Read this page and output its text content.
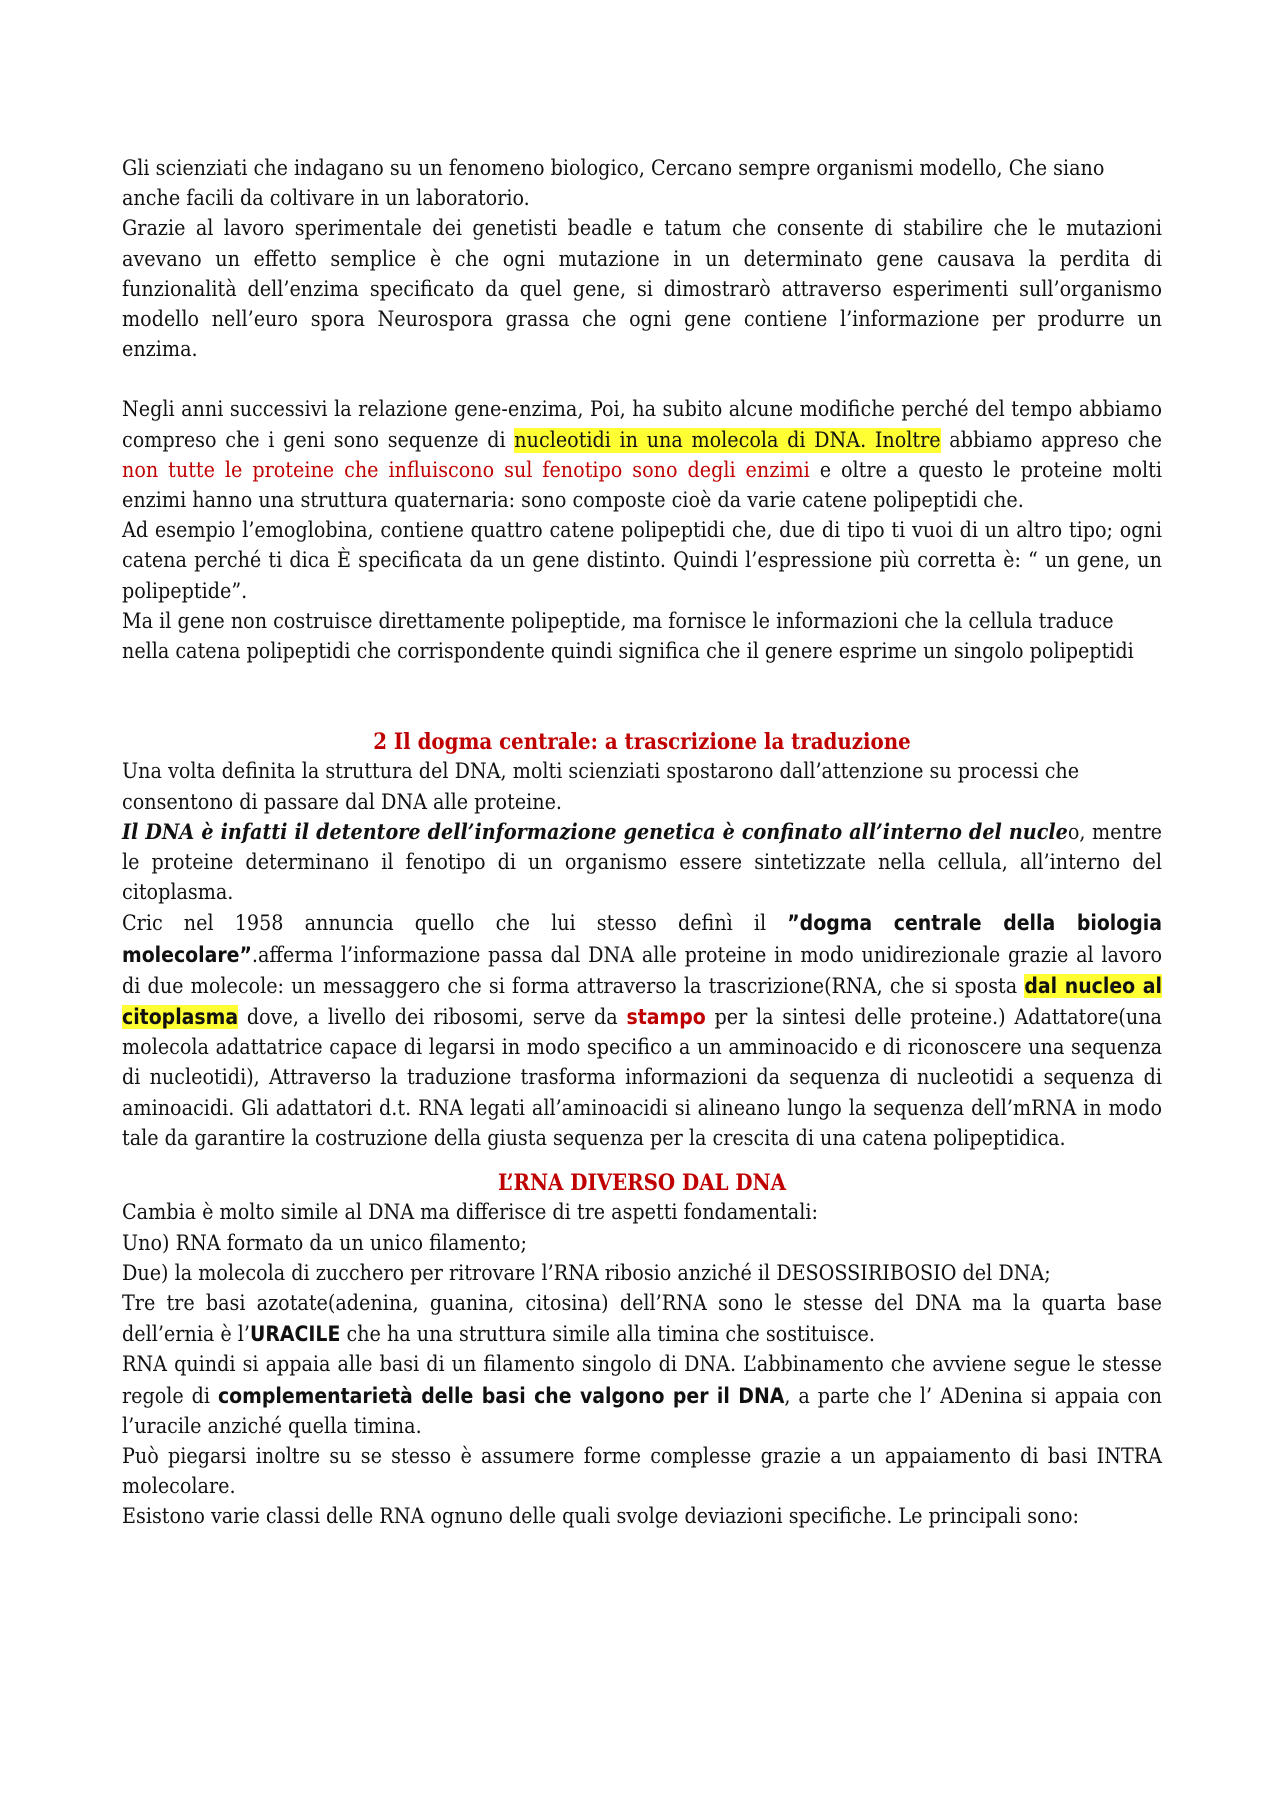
Gli scienziati che indagano su un fenomeno biologico, Cercano sempre organismi modello, Che siano anche facili da coltivare in un laboratorio.

Grazie al lavoro sperimentale dei genetisti beadle e tatum che consente di stabilire che le mutazioni avevano un effetto semplice è che ogni mutazione in un determinato gene causava la perdita di funzionalità dell’enzima specificato da quel gene, si dimostrarò attraverso esperimenti sull’organismo modello nell’euro spora Neurospora grassa che ogni gene contiene l’informazione per produrre un enzima.

Negli anni successivi la relazione gene-enzima, Poi, ha subito alcune modifiche perché del tempo abbiamo compreso che i geni sono sequenze di nucleotidi in una molecola di DNA. Inoltre abbiamo appreso che non tutte le proteine che influiscono sul fenotipo sono degli enzimi e oltre a questo le proteine molti enzimi hanno una struttura quaternaria: sono composte cioè da varie catene polipeptidi che.

Ad esempio l’emoglobina, contiene quattro catene polipeptidi che, due di tipo ti vuoi di un altro tipo; ogni catena perché ti dica È specificata da un gene distinto. Quindi l’espressione più corretta è: “ un gene, un polipeptide”.

Ma il gene non costruisce direttamente polipeptide, ma fornisce le informazioni che la cellula traduce nella catena polipeptidi che corrispondente quindi significa che il genere esprime un singolo polipeptidi

2 Il dogma centrale: a trascrizione la traduzione

Una volta definita la struttura del DNA, molti scienziati spostarono dall’attenzione su processi che consentono di passare dal DNA alle proteine.

Il DNA è infatti il detentore dell’informazione genetica è confinato all’interno del nucleo, mentre le proteine determinano il fenotipo di un organismo essere sintetizzate nella cellula, all’interno del citoplasma.

Cric nel 1958 annuncia quello che lui stesso definì il ”dogma centrale della biologia molecolare”.afferma l’informazione passa dal DNA alle proteine in modo unidirezionale grazie al lavoro di due molecole: un messaggero che si forma attraverso la trascrizione(RNA, che si sposta dal nucleo al citoplasma dove, a livello dei ribosomi, serve da stampo per la sintesi delle proteine.) Adattatore(una molecola adattatrice capace di legarsi in modo specifico a un amminoacido e di riconoscere una sequenza di nucleotidi), Attraverso la traduzione trasforma informazioni da sequenza di nucleotidi a sequenza di aminoacidi. Gli adattatori d.t. RNA legati all’aminoacidi si alineano lungo la sequenza dell’mRNA in modo tale da garantire la costruzione della giusta sequenza per la crescita di una catena polipeptidica.

L’RNA DIVERSO DAL DNA

Cambia è molto simile al DNA ma differisce di tre aspetti fondamentali:

Uno) RNA formato da un unico filamento;

Due) la molecola di zucchero per ritrovare l’RNA ribosio anziché il DESOSSIRIBOSIO del DNA;

Tre tre basi azotate(adenina, guanina, citosina) dell’RNA sono le stesse del DNA ma la quarta base dell’ernia è l’URACILE che ha una struttura simile alla timina che sostituisce.

RNA quindi si appaia alle basi di un filamento singolo di DNA. L’abbinamento che avviene segue le stesse regole di complementarietà delle basi che valgono per il DNA, a parte che l’ ADenina si appaia con l’uracile anziché quella timina.

Può piegarsi inoltre su se stesso è assumere forme complesse grazie a un appaiamento di basi INTRA molecolare.

Esistono varie classi delle RNA ognuno delle quali svolge deviazioni specifiche. Le principali sono:
